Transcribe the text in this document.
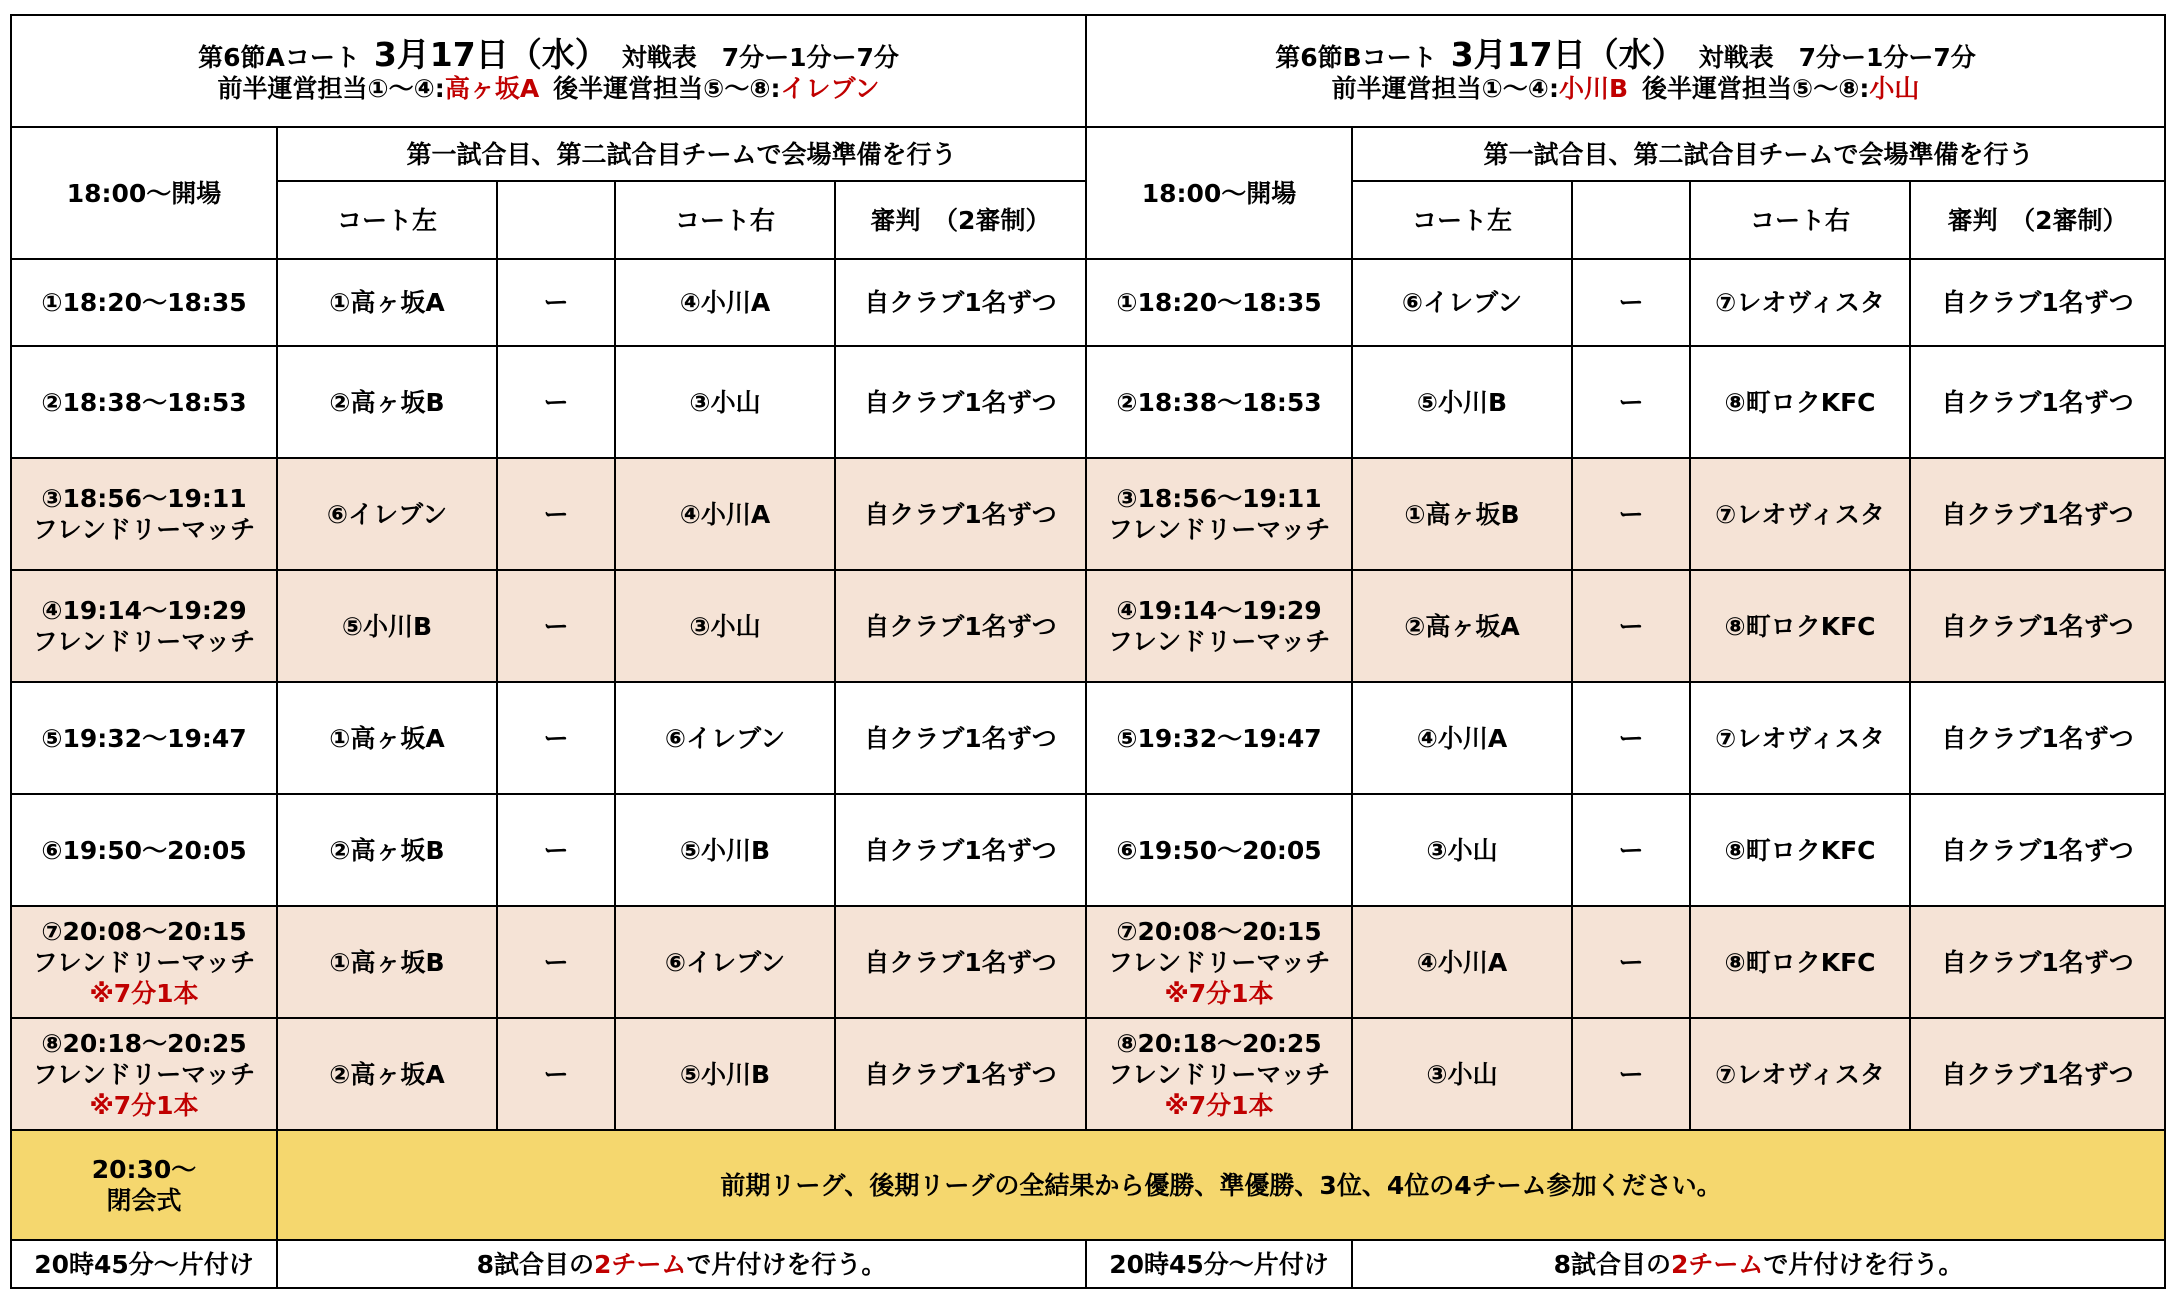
第6節Aコート 3月17日（水） 対戦表　7分ー1分ー7分
前半運営担当①～④:高ヶ坂A 後半運営担当⑤～⑧:イレブン					第6節Bコート 3月17日（水） 対戦表　7分ー1分ー7分
前半運営担当①～④:小川B 後半運営担当⑤～⑧:小山				

18:00～開場	第一試合目、第二試合目チームで会場準備を行う				18:00～開場	第一試合目、第二試合目チームで会場準備を行う			
	コート左		コート右	審判　（2審制）		コート左		コート右	審判　（2審制）

①18:20～18:35	①高ヶ坂A	ー	④小川A	自クラブ1名ずつ	①18:20～18:35	⑥イレブン	ー	⑦レオヴィスタ	自クラブ1名ずつ

②18:38～18:53	②高ヶ坂B	ー	③小山	自クラブ1名ずつ	②18:38～18:53	⑤小川B	ー	⑧町ロクKFC	自クラブ1名ずつ

③18:56～19:11
フレンドリーマッチ	⑥イレブン	ー	④小川A	自クラブ1名ずつ	③18:56～19:11
フレンドリーマッチ	①高ヶ坂B	ー	⑦レオヴィスタ	自クラブ1名ずつ

④19:14～19:29
フレンドリーマッチ	⑤小川B	ー	③小山	自クラブ1名ずつ	④19:14～19:29
フレンドリーマッチ	②高ヶ坂A	ー	⑧町ロクKFC	自クラブ1名ずつ

⑤19:32～19:47	①高ヶ坂A	ー	⑥イレブン	自クラブ1名ずつ	⑤19:32～19:47	④小川A	ー	⑦レオヴィスタ	自クラブ1名ずつ

⑥19:50～20:05	②高ヶ坂B	ー	⑤小川B	自クラブ1名ずつ	⑥19:50～20:05	③小山	ー	⑧町ロクKFC	自クラブ1名ずつ

⑦20:08～20:15
フレンドリーマッチ
※7分1本	①高ヶ坂B	ー	⑥イレブン	自クラブ1名ずつ	⑦20:08～20:15
フレンドリーマッチ
※7分1本	④小川A	ー	⑧町ロクKFC	自クラブ1名ずつ

⑧20:18～20:25
フレンドリーマッチ
※7分1本	②高ヶ坂A	ー	⑤小川B	自クラブ1名ずつ	⑧20:18～20:25
フレンドリーマッチ
※7分1本	③小山	ー	⑦レオヴィスタ	自クラブ1名ずつ

20:30～
閉会式	前期リーグ、後期リーグの全結果から優勝、準優勝、3位、4位の4チーム参加ください。								
20時45分～片付け	8試合目の2チームで片付けを行う。				20時45分～片付け	8試合目の2チームで片付けを行う。			
